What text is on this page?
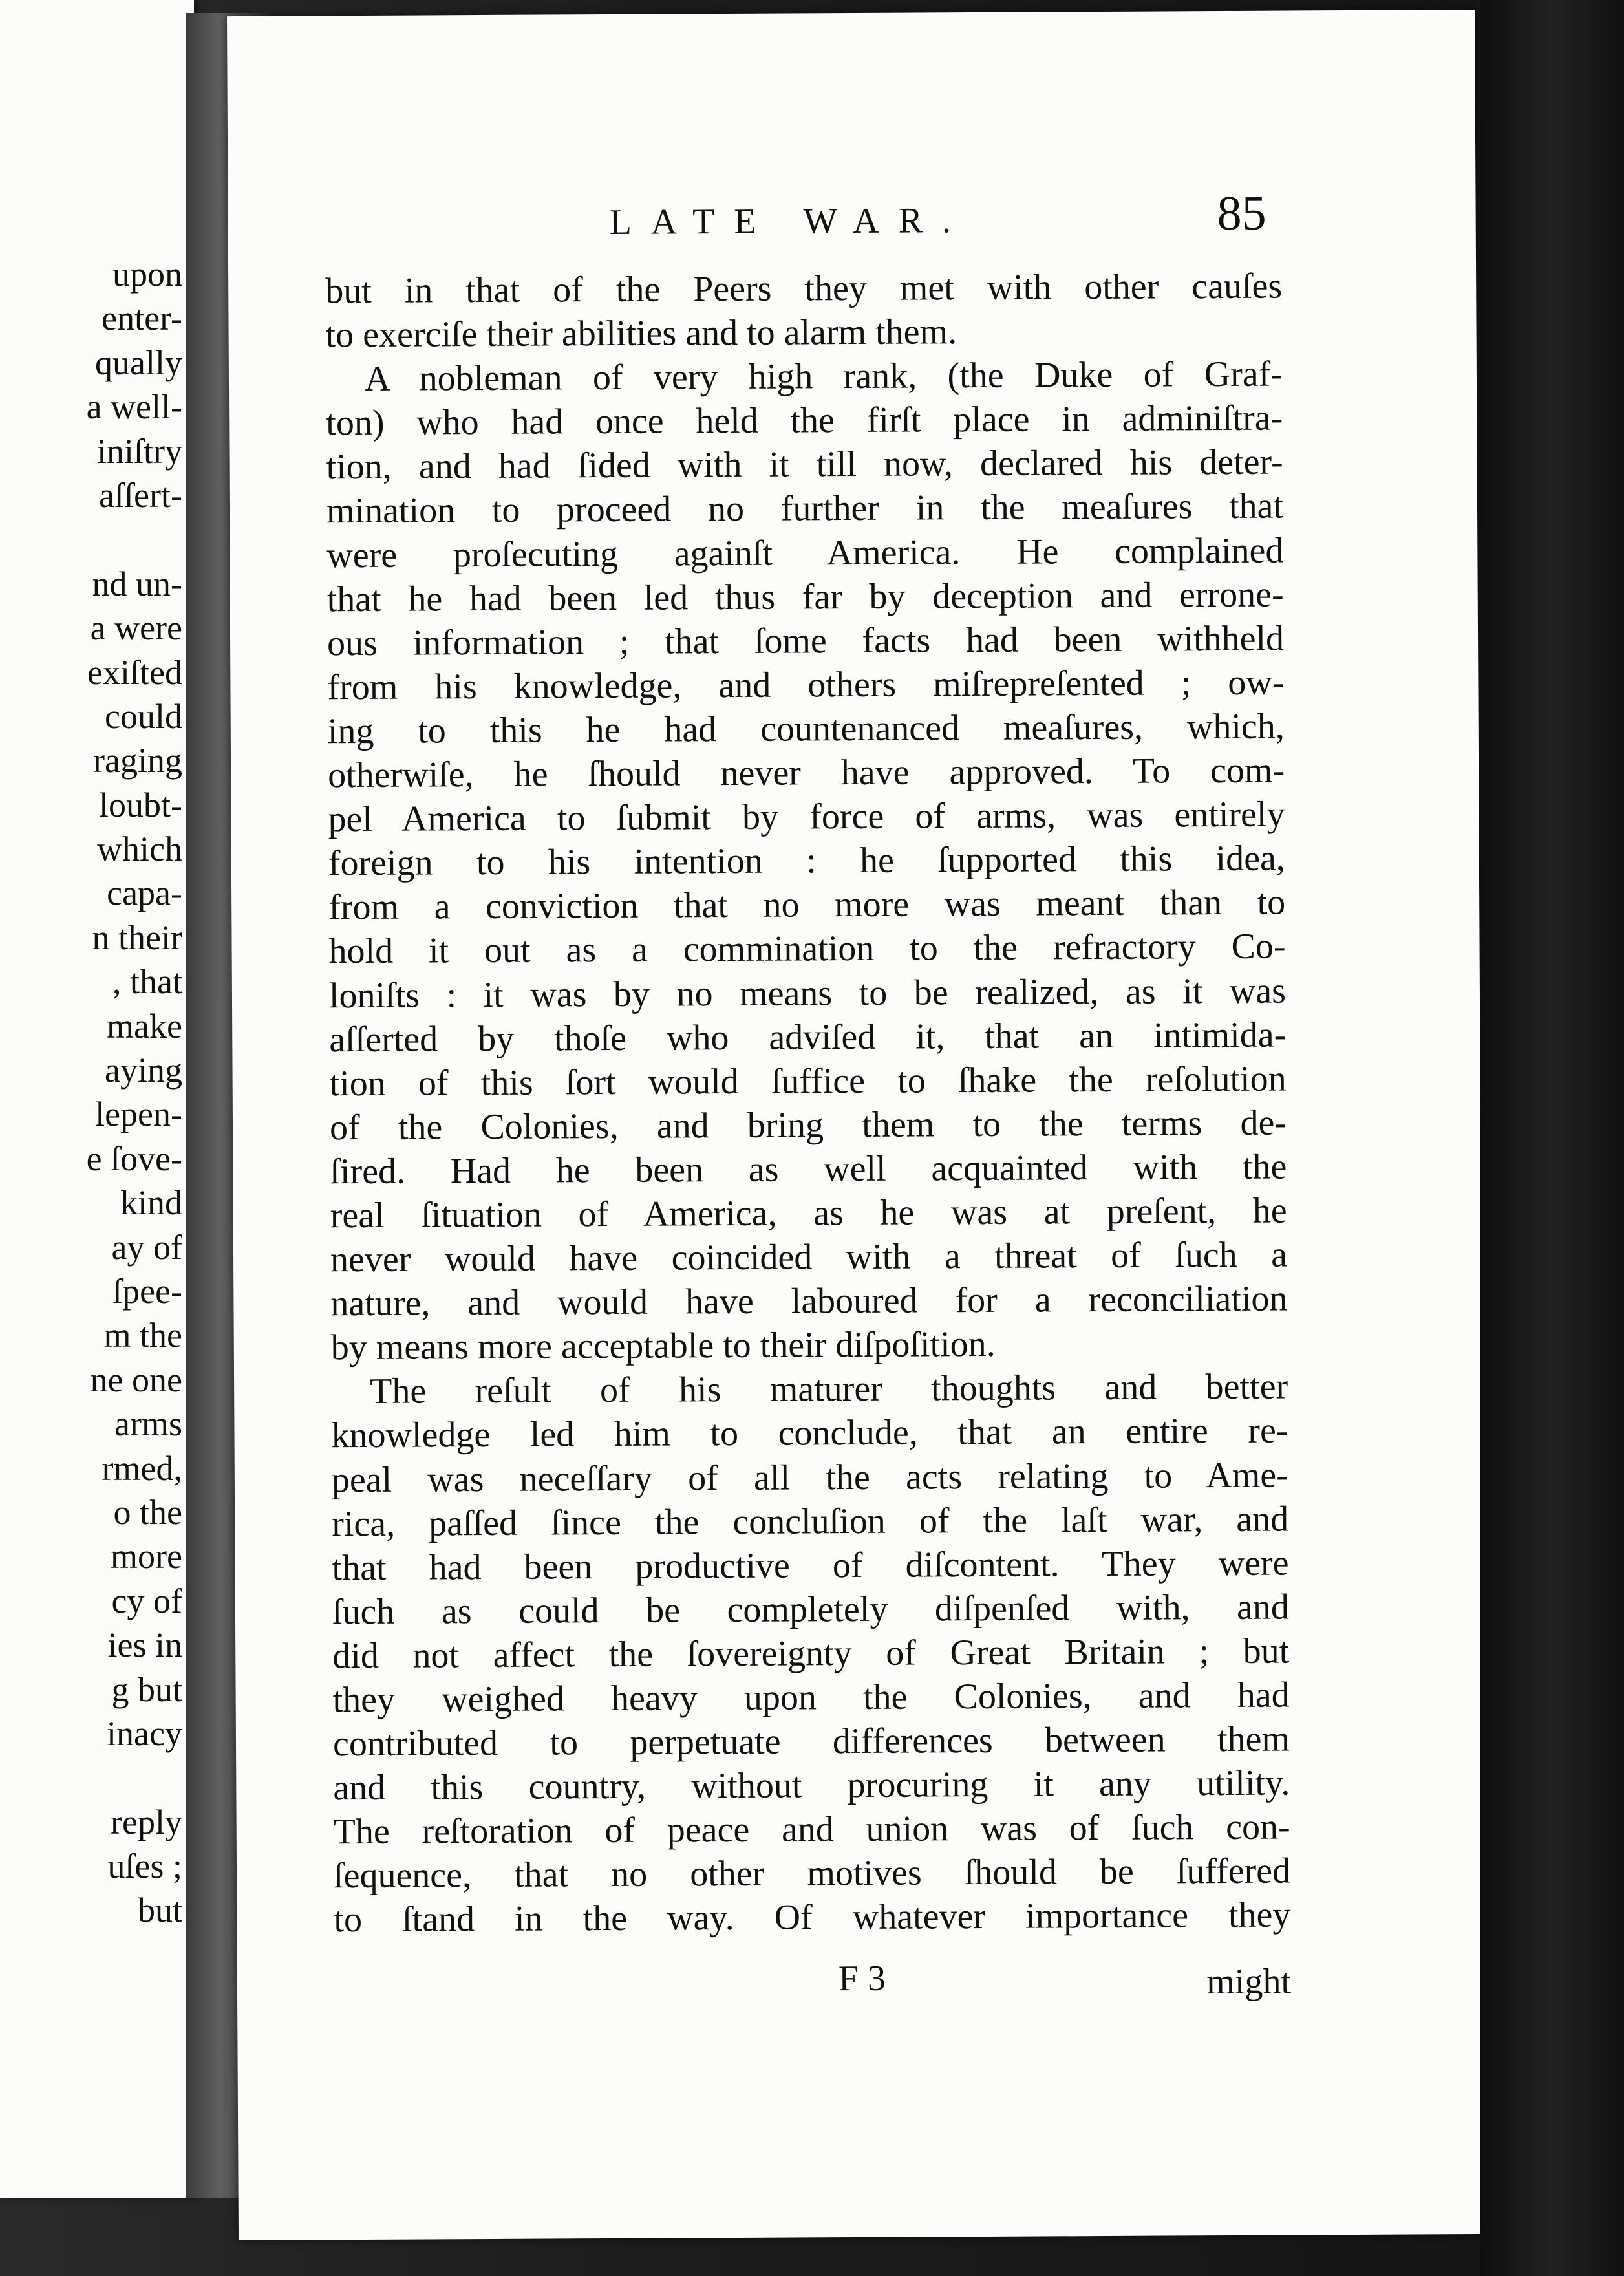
upon
enter-
qually
a well-
iniſtry
aſſert-

nd un-
a were
exiſted
could
raging
loubt-
which
capa-
n their
, that
make
aying
lepen-
e ſove-
kind
ay of
ſpee-
m the
ne one
arms
rmed,
o the
more
cy of
ies in
g but
inacy

reply
uſes ;
but
LATE WAR.	85
but in that of the Peers they met with other cauſes
to exerciſe their abilities and to alarm them.
A nobleman of very high rank, (the Duke of Graf-
ton) who had once held the firſt place in adminiſtra-
tion, and had ſided with it till now, declared his deter-
mination to proceed no further in the meaſures that
were proſecuting againſt America. He complained
that he had been led thus far by deception and errone-
ous information ; that ſome facts had been withheld
from his knowledge, and others miſrepreſented ; ow-
ing to this he had countenanced meaſures, which,
otherwiſe, he ſhould never have approved. To com-
pel America to ſubmit by force of arms, was entirely
foreign to his intention : he ſupported this idea,
from a conviction that no more was meant than to
hold it out as a commination to the refractory Co-
loniſts : it was by no means to be realized, as it was
aſſerted by thoſe who adviſed it, that an intimida-
tion of this ſort would ſuffice to ſhake the reſolution
of the Colonies, and bring them to the terms de-
ſired. Had he been as well acquainted with the
real ſituation of America, as he was at preſent, he
never would have coincided with a threat of ſuch a
nature, and would have laboured for a reconciliation
by means more acceptable to their diſpoſition.
The reſult of his maturer thoughts and better
knowledge led him to conclude, that an entire re-
peal was neceſſary of all the acts relating to Ame-
rica, paſſed ſince the concluſion of the laſt war, and
that had been productive of diſcontent. They were
ſuch as could be completely diſpenſed with, and
did not affect the ſovereignty of Great Britain ; but
they weighed heavy upon the Colonies, and had
contributed to perpetuate differences between them
and this country, without procuring it any utility.
The reſtoration of peace and union was of ſuch con-
ſequence, that no other motives ſhould be ſuffered
to ſtand in the way. Of whatever importance they
F 3	might
